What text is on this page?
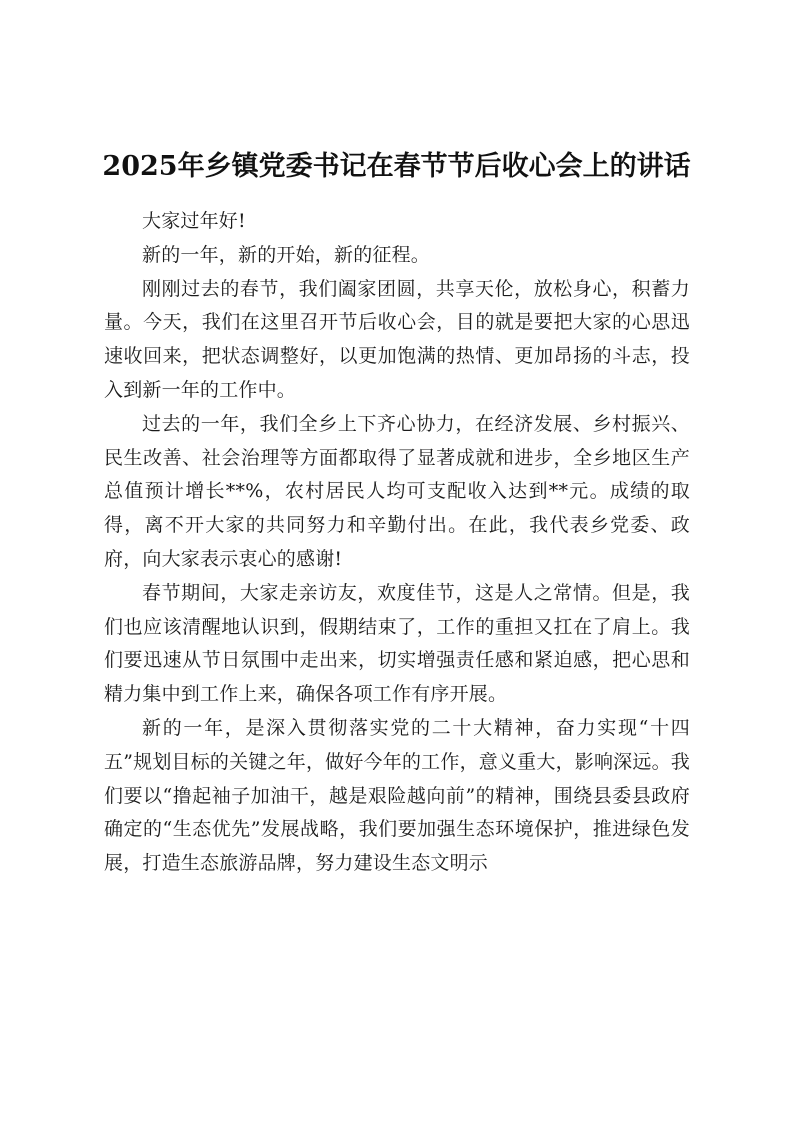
2025年乡镇党委书记在春节节后收心会上的讲话

大家过年好!

新的一年，新的开始，新的征程。

刚刚过去的春节，我们阖家团圆，共享天伦，放松身心，积蓄力量。今天，我们在这里召开节后收心会，目的就是要把大家的心思迅速收回来，把状态调整好，以更加饱满的热情、更加昂扬的斗志，投入到新一年的工作中。

过去的一年，我们全乡上下齐心协力，在经济发展、乡村振兴、民生改善、社会治理等方面都取得了显著成就和进步，全乡地区生产总值预计增长**%，农村居民人均可支配收入达到**元。成绩的取得，离不开大家的共同努力和辛勤付出。在此，我代表乡党委、政府，向大家表示衷心的感谢!

春节期间，大家走亲访友，欢度佳节，这是人之常情。但是，我们也应该清醒地认识到，假期结束了，工作的重担又扛在了肩上。我们要迅速从节日氛围中走出来，切实增强责任感和紧迫感，把心思和精力集中到工作上来，确保各项工作有序开展。

新的一年，是深入贯彻落实党的二十大精神，奋力实现“十四五”规划目标的关键之年，做好今年的工作，意义重大，影响深远。我们要以“撸起袖子加油干，越是艰险越向前”的精神，围绕县委县政府确定的“生态优先”发展战略，我们要加强生态环境保护，推进绿色发展，打造生态旅游品牌，努力建设生态文明示
